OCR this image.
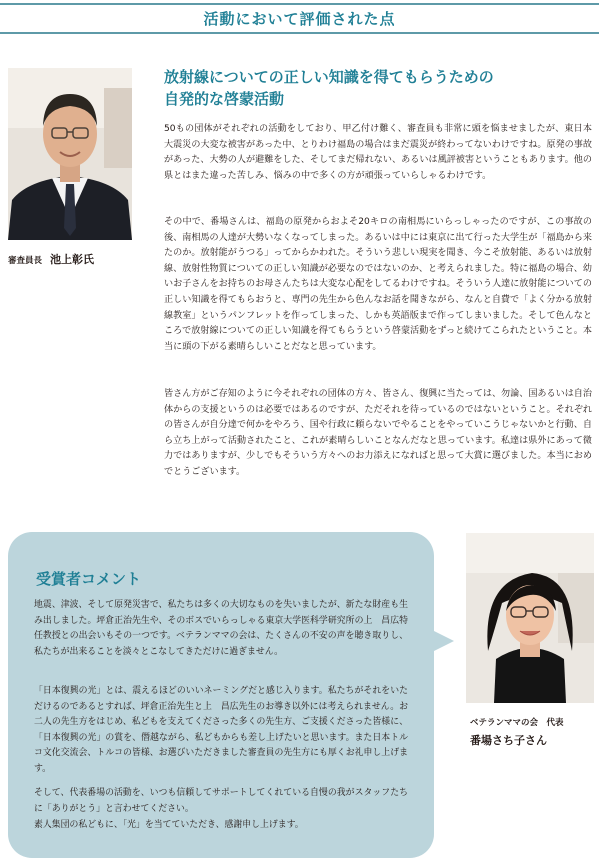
活動において評価された点
審査員長 池上彰氏
放射線についての正しい知識を得てもらうための
自発的な啓蒙活動

50もの団体がそれぞれの活動をしており、甲乙付け難く、審査員も非常に頭を悩ませましたが、東日本大震災の大変な被害があった中、とりわけ福島の場合はまだ震災が終わってないわけですね。原発の事故があった、大勢の人が避難をした、そしてまだ帰れない、あるいは風評被害ということもあります。他の県とはまた違った苦しみ、悩みの中で多くの方が頑張っていらしゃるわけです。

その中で、番場さんは、福島の原発からおよそ20キロの南相馬にいらっしゃったのですが、この事故の後、南相馬の人達が大勢いなくなってしまった。あるいは中には東京に出て行った大学生が「福島から来たのか。放射能がうつる」ってからかわれた。そういう悲しい現実を聞き、今こそ放射能、あるいは放射線、放射性物質についての正しい知識が必要なのではないのか、と考えられました。特に福島の場合、幼いお子さんをお持ちのお母さんたちは大変な心配をしてるわけですね。そういう人達に放射能についての正しい知識を得てもらおうと、専門の先生から色んなお話を聞きながら、なんと自費で「よく分かる放射線教室」というパンフレットを作ってしまった、しかも英語版まで作ってしまいました。そして色んなところで放射線についての正しい知識を得てもらうという啓蒙活動をずっと続けてこられたということ。本当に頭の下がる素晴らしいことだなと思っています。

皆さん方がご存知のように今それぞれの団体の方々、皆さん、復興に当たっては、勿論、国あるいは自治体からの支援というのは必要ではあるのですが、ただそれを待っているのではないということ。それぞれの皆さんが自分達で何かをやろう、国や行政に頼らないでやることをやっていこうじゃないかと行動、自ら立ち上がって活動されたこと、これが素晴らしいことなんだなと思っています。私達は県外にあって微力ではありますが、少しでもそういう方々へのお力添えになればと思って大賞に選びました。本当におめでとうございます。

受賞者コメント

地震、津波、そして原発災害で、私たちは多くの大切なものを失いましたが、新たな財産も生み出しました。坪倉正治先生や、そのボスでいらっしゃる東京大学医科学研究所の上　昌広特任教授との出会いもその一つです。ベテランママの会は、たくさんの不安の声を聴き取りし、私たちが出来ることを淡々とこなしてきただけに過ぎません。

「日本復興の光」とは、震えるほどのいいネーミングだと感じ入ります。私たちがそれをいただけるのであるとすれば、坪倉正治先生と上　昌広先生のお導き以外には考えられません。お二人の先生方をはじめ、私どもを支えてくださった多くの先生方、ご支援くださった皆様に、「日本復興の光」の賞を、僭越ながら、私どもからも差し上げたいと思います。また日本トルコ文化交流会、トルコの皆様、お選びいただきました審査員の先生方にも厚くお礼申し上げます。

そして、代表番場の活動を、いつも信頼してサポートしてくれている自慢の我がスタッフたちに「ありがとう」と言わせてください。

素人集団の私どもに、「光」を当てていただき、感謝申し上げます。

ベテランママの会　代表
番場さち子さん
